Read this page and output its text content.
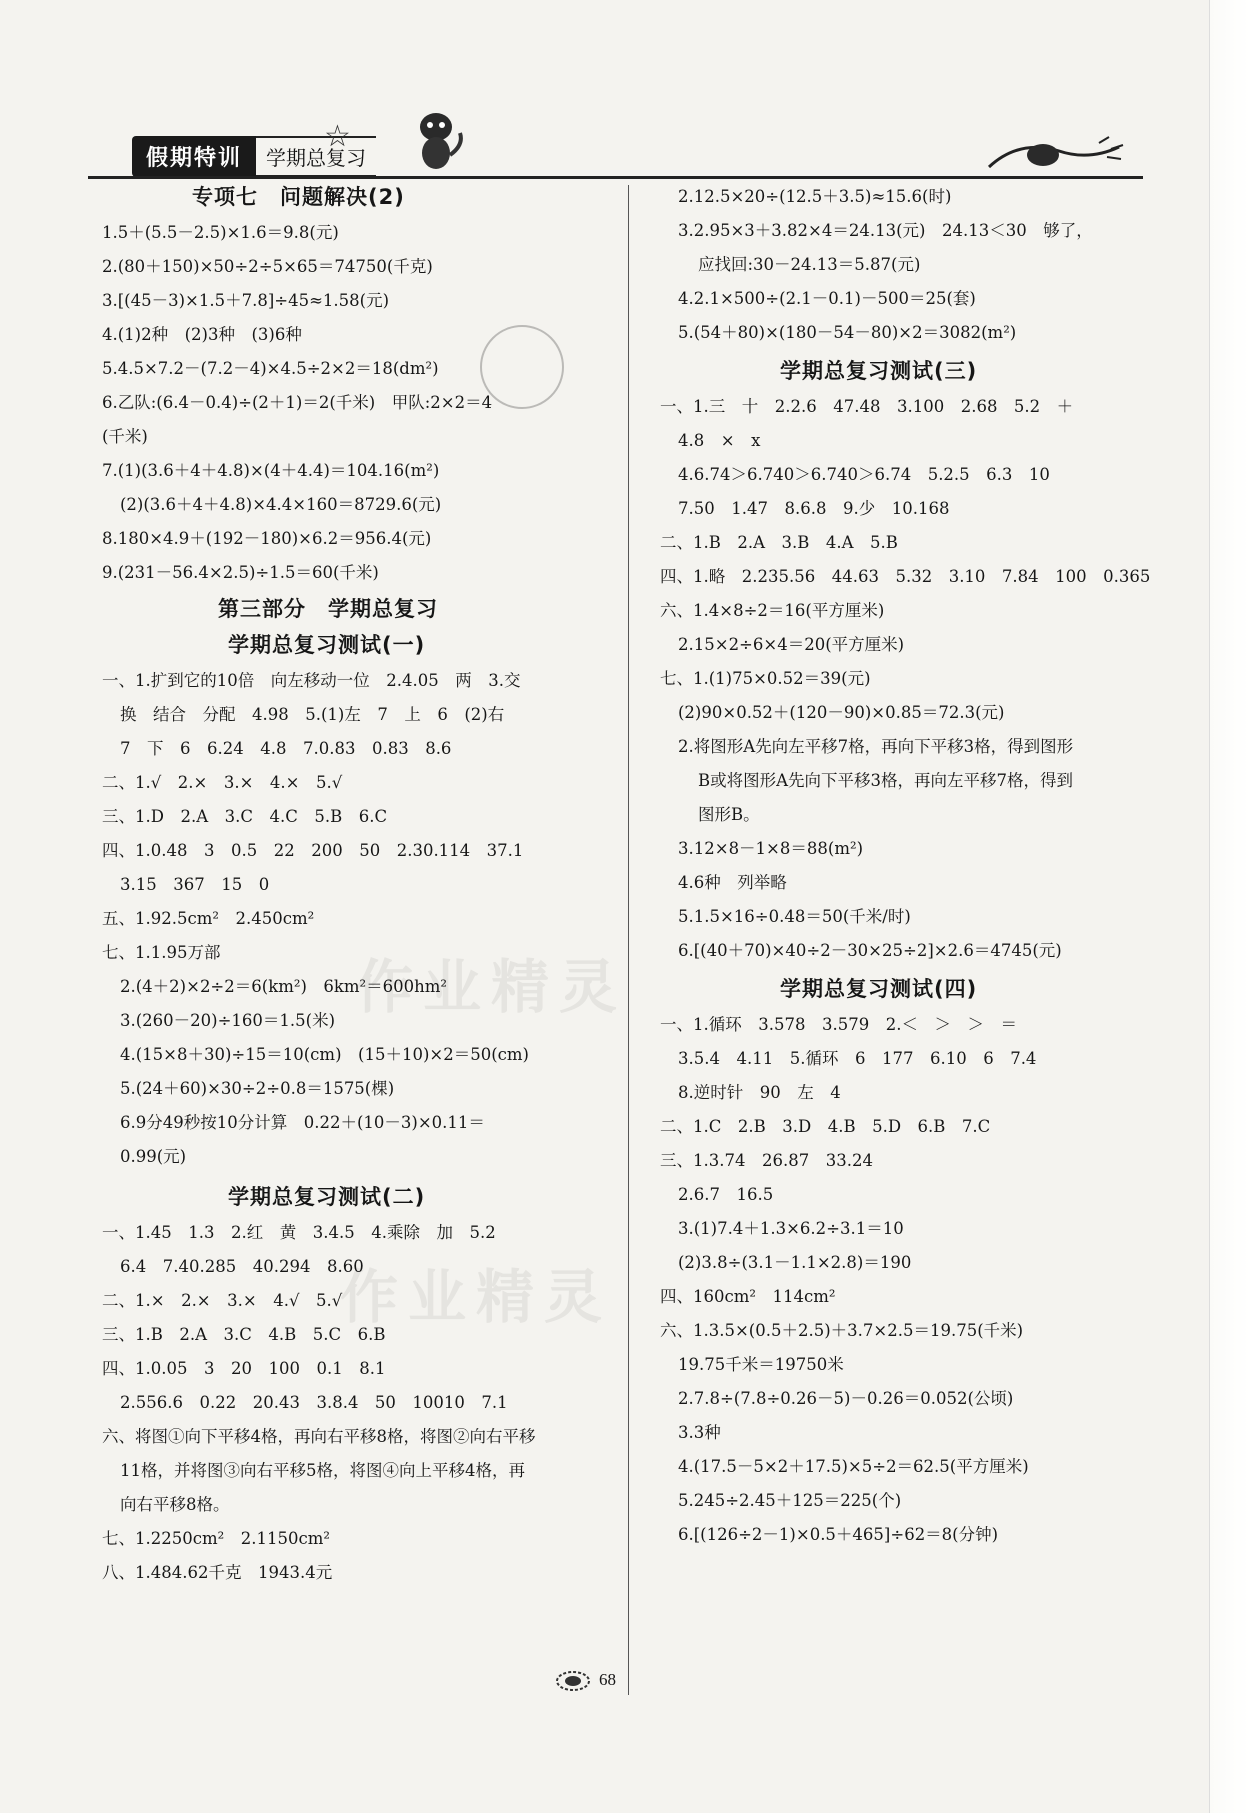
假期特训	学期总复习
☆
专项七　问题解决(2)
1.5＋(5.5－2.5)×1.6＝9.8(元)
2.(80＋150)×50÷2÷5×65＝74750(千克)
3.[(45－3)×1.5＋7.8]÷45≈1.58(元)
4.(1)2种　(2)3种　(3)6种
5.4.5×7.2－(7.2－4)×4.5÷2×2＝18(dm²)
6.乙队:(6.4－0.4)÷(2＋1)＝2(千米)　甲队:2×2＝4
(千米)
7.(1)(3.6＋4＋4.8)×(4＋4.4)＝104.16(m²)
(2)(3.6＋4＋4.8)×4.4×160＝8729.6(元)
8.180×4.9＋(192－180)×6.2＝956.4(元)
9.(231－56.4×2.5)÷1.5＝60(千米)
第三部分　学期总复习
学期总复习测试(一)
一、1.扩到它的10倍　向左移动一位　2.4.05　两　3.交
换　结合　分配　4.98　5.(1)左　7　上　6　(2)右
7　下　6　6.24　4.8　7.0.83　0.83　8.6
二、1.√　2.×　3.×　4.×　5.√
三、1.D　2.A　3.C　4.C　5.B　6.C
四、1.0.48　3　0.5　22　200　50　2.30.114　37.1
3.15　367　15　0
五、1.92.5cm²　2.450cm²
七、1.1.95万部
2.(4＋2)×2÷2＝6(km²)　6km²＝600hm²
3.(260－20)÷160＝1.5(米)
4.(15×8＋30)÷15＝10(cm)　(15＋10)×2＝50(cm)
5.(24＋60)×30÷2÷0.8＝1575(棵)
6.9分49秒按10分计算　0.22＋(10－3)×0.11＝
0.99(元)
学期总复习测试(二)
一、1.45　1.3　2.红　黄　3.4.5　4.乘除　加　5.2
6.4　7.40.285　40.294　8.60
二、1.×　2.×　3.×　4.√　5.√
三、1.B　2.A　3.C　4.B　5.C　6.B
四、1.0.05　3　20　100　0.1　8.1
2.556.6　0.22　20.43　3.8.4　50　10010　7.1
六、将图①向下平移4格，再向右平移8格，将图②向右平移
11格，并将图③向右平移5格，将图④向上平移4格，再
向右平移8格。
七、1.2250cm²　2.1150cm²
八、1.484.62千克　1943.4元
2.12.5×20÷(12.5＋3.5)≈15.6(时)
3.2.95×3＋3.82×4＝24.13(元)　24.13＜30　够了，
应找回:30－24.13＝5.87(元)
4.2.1×500÷(2.1－0.1)－500＝25(套)
5.(54＋80)×(180－54－80)×2＝3082(m²)
学期总复习测试(三)
一、1.三　十　2.2.6　47.48　3.100　2.68　5.2　＋
4.8　×　x
4.6.74＞6.740＞6.740＞6.74　5.2.5　6.3　10
7.50　1.47　8.6.8　9.少　10.168
二、1.B　2.A　3.B　4.A　5.B
四、1.略　2.235.56　44.63　5.32　3.10　7.84　100　0.365
六、1.4×8÷2＝16(平方厘米)
2.15×2÷6×4＝20(平方厘米)
七、1.(1)75×0.52＝39(元)
(2)90×0.52＋(120－90)×0.85＝72.3(元)
2.将图形A先向左平移7格，再向下平移3格，得到图形
B或将图形A先向下平移3格，再向左平移7格，得到
图形B。
3.12×8－1×8＝88(m²)
4.6种　列举略
5.1.5×16÷0.48＝50(千米/时)
6.[(40＋70)×40÷2－30×25÷2]×2.6＝4745(元)
学期总复习测试(四)
一、1.循环　3.578　3.579　2.＜　＞　＞　＝
3.5.4　4.11　5.循环　6　177　6.10　6　7.4
8.逆时针　90　左　4
二、1.C　2.B　3.D　4.B　5.D　6.B　7.C
三、1.3.74　26.87　33.24
2.6.7　16.5
3.(1)7.4＋1.3×6.2÷3.1＝10
(2)3.8÷(3.1－1.1×2.8)＝190
四、160cm²　114cm²
六、1.3.5×(0.5＋2.5)＋3.7×2.5＝19.75(千米)
19.75千米＝19750米
2.7.8÷(7.8÷0.26－5)－0.26＝0.052(公顷)
3.3种
4.(17.5－5×2＋17.5)×5÷2＝62.5(平方厘米)
5.245÷2.45＋125＝225(个)
6.[(126÷2－1)×0.5＋465]÷62＝8(分钟)
作业精灵
作业精灵
68
